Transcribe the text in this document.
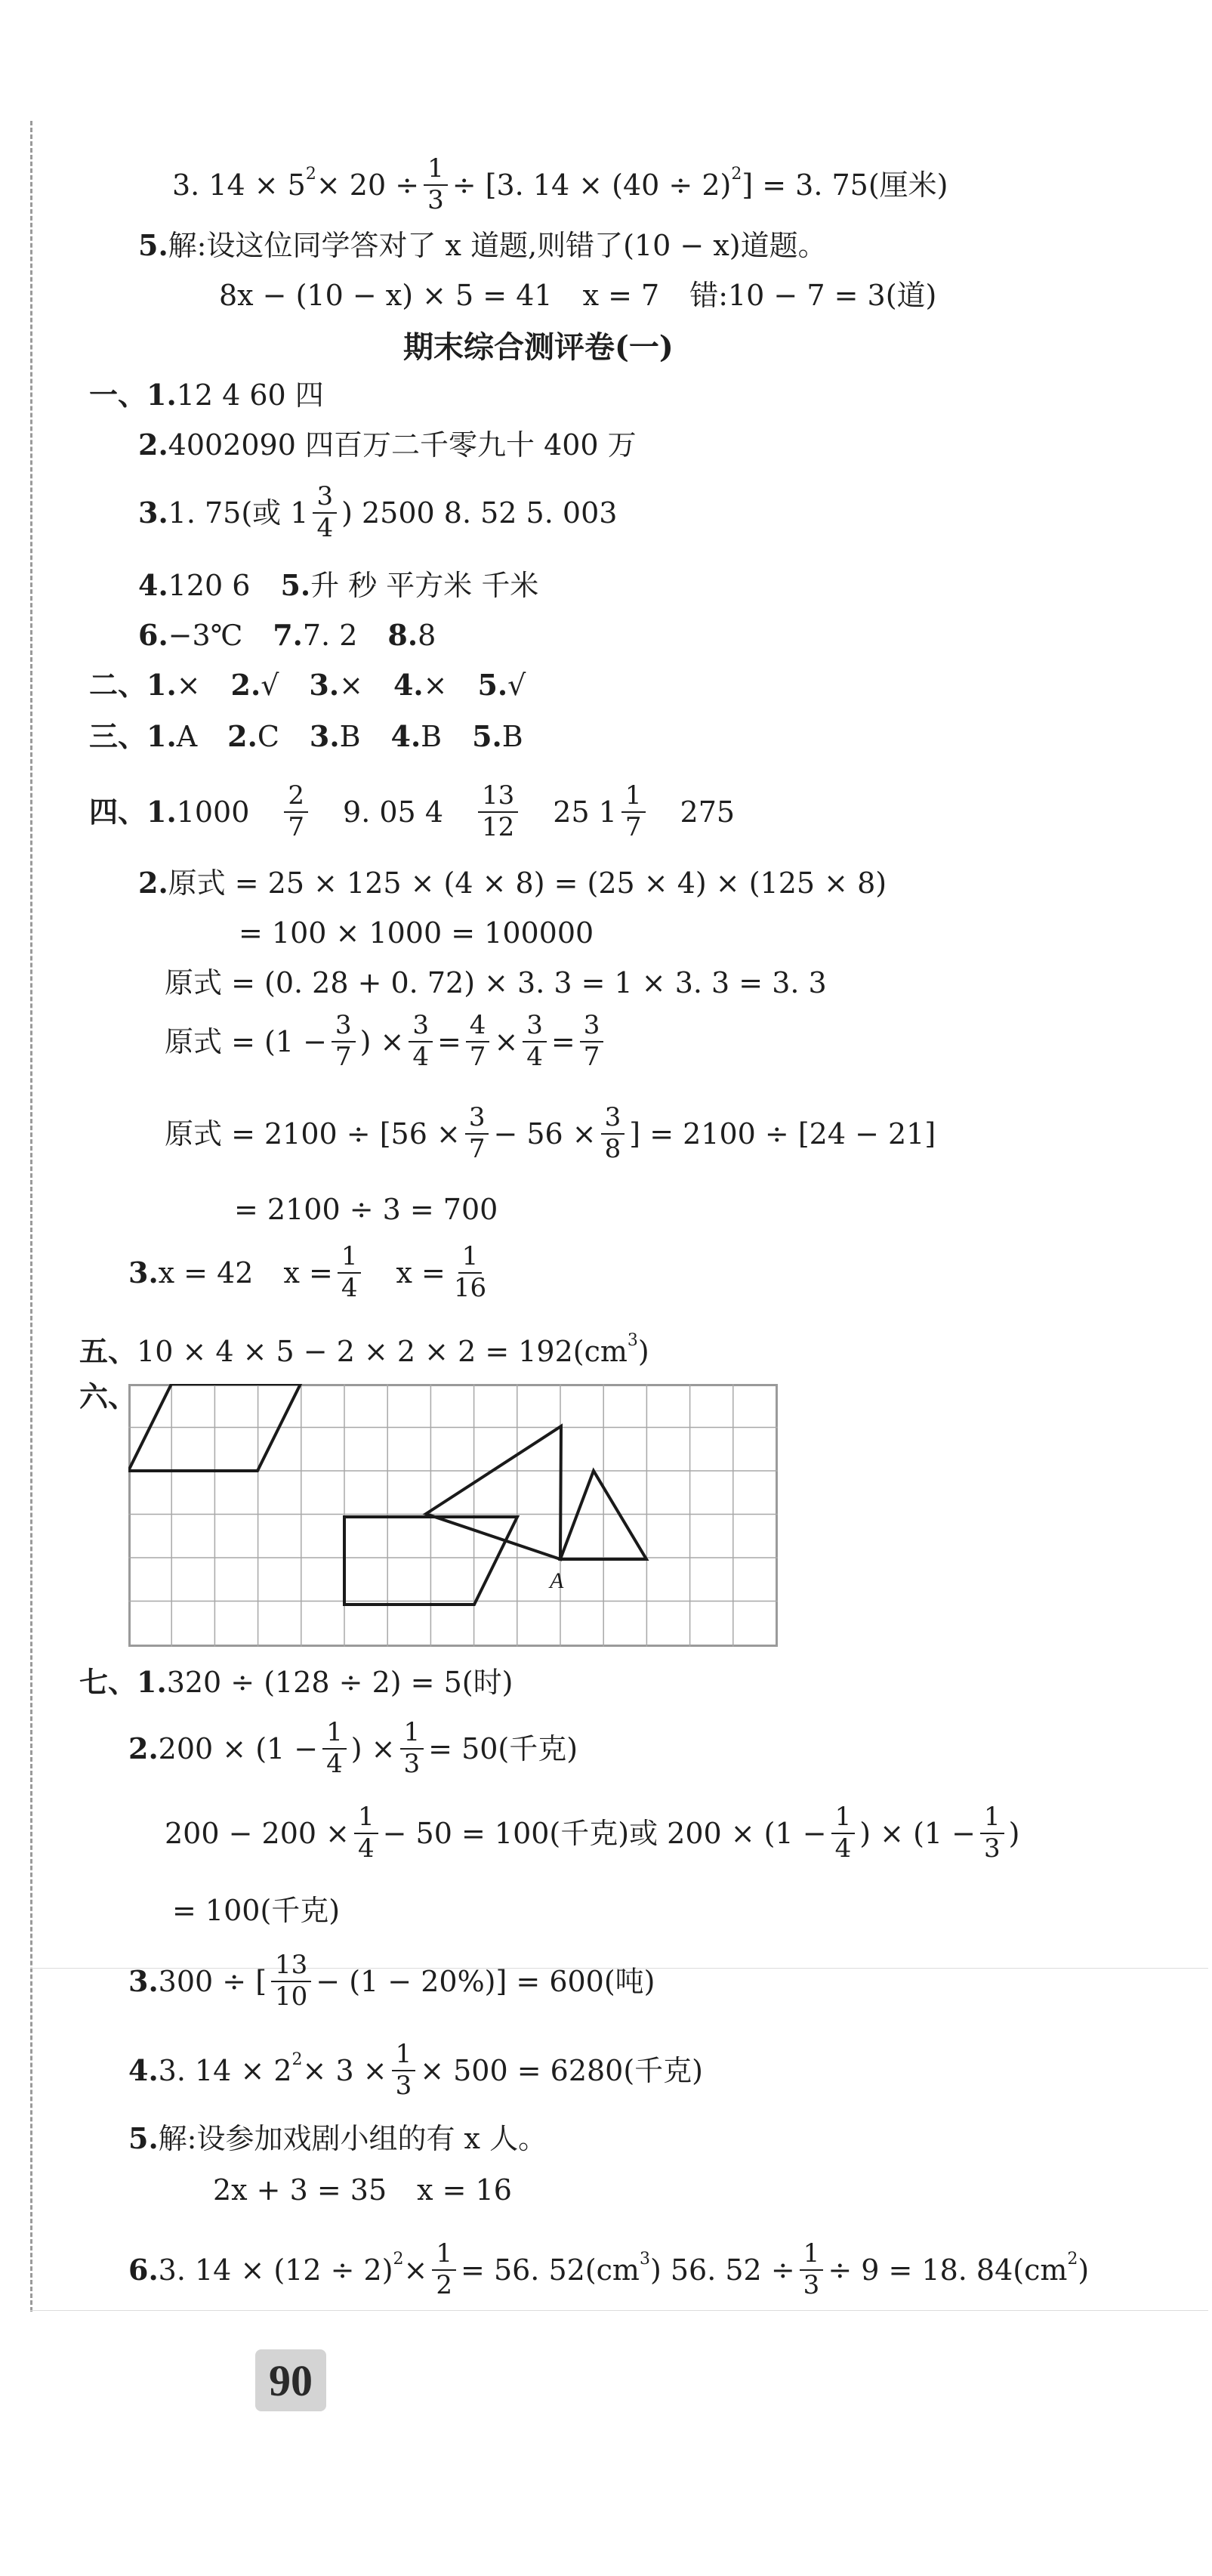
3. $14 \times 5^2 \times 20 \div \frac{1}{3} \div [3$. $14 \times (40 \div 2)^2$ ] = 3. 75(厘米)
5. 解:设这位同学答对了 x 道题,则错了(10 − x)道题。
8x − (10 − x) × 5 = 41 x = 7 错:10 − 7 = 3(道)
期末综合测评卷(一)
一、 1. 12 4 60 四
2. 4002090 四百万二千零九十 400 万
3. 1. 75(或 $1 \frac{3}{4}$ ) 2500 8. 52 5. 003
4. 120 6 5. 升 秒 平方米 千米
6. −3℃ 7. 7. 2 8. 8
二、 1. × 2. √ 3. × 4. × 5. √
三、 1. A 2. C 3. B 4. B 5. B
四、 1. $1000 \frac{2}{7} 9$. 05 $4 \frac{13}{12} 25$ $1 \frac{1}{7} 275$
2. 原式 = 25 × 125 × (4 × 8) = (25 × 4) × (125 × 8)
= 100 × 1000 = 100000
原式 = (0. 28 + 0. 72) × 3. 3 = 1 × 3. 3 = 3. 3
原式 = ($1 - \frac{3}{7}$ ) × $\frac{3}{4} = \frac{4}{7} \times \frac{3}{4} = \frac{3}{7}$
原式 = $2100 \div [56 \times \frac{3}{7} - 56 \times \frac{3}{8}$ ] = 2100 ÷ [24 − 21]
= 2100 ÷ 3 = 700
3. x = 42 $x = \frac{1}{4}$ $x = \frac{1}{16}$
五、 $10 \times 4 \times 5 - 2 \times 2 \times 2 = 192(cm^3$ )
六、
A
七、 1. 320 ÷ (128 ÷ 2) = 5(时)
2. $200 \times (1 - \frac{1}{4}$ ) × $\frac{1}{3} = 50$(千克)
$200 - 200 \times \frac{1}{4} - 50 = 100$(千克)或 $200 \times (1 - \frac{1}{4}$ ) × ($1 - \frac{1}{3}$ )
= 100(千克)
3. 300 ÷ [ $\frac{13}{10} - (1 - 20\%)] = 600$(吨)
4. 3. $14 \times 2^2 \times 3 \times \frac{1}{3} \times 500 = 6280$(千克)
5. 解:设参加戏剧小组的有 x 人。
2x + 3 = 35 x = 16
6. 3. $14 \times (12 \div 2)^2 \times \frac{1}{2} = 56$. $52(cm^3$ ) 56. $52 \div \frac{1}{3} \div 9 = 18$. $84(cm^2$ )
90
